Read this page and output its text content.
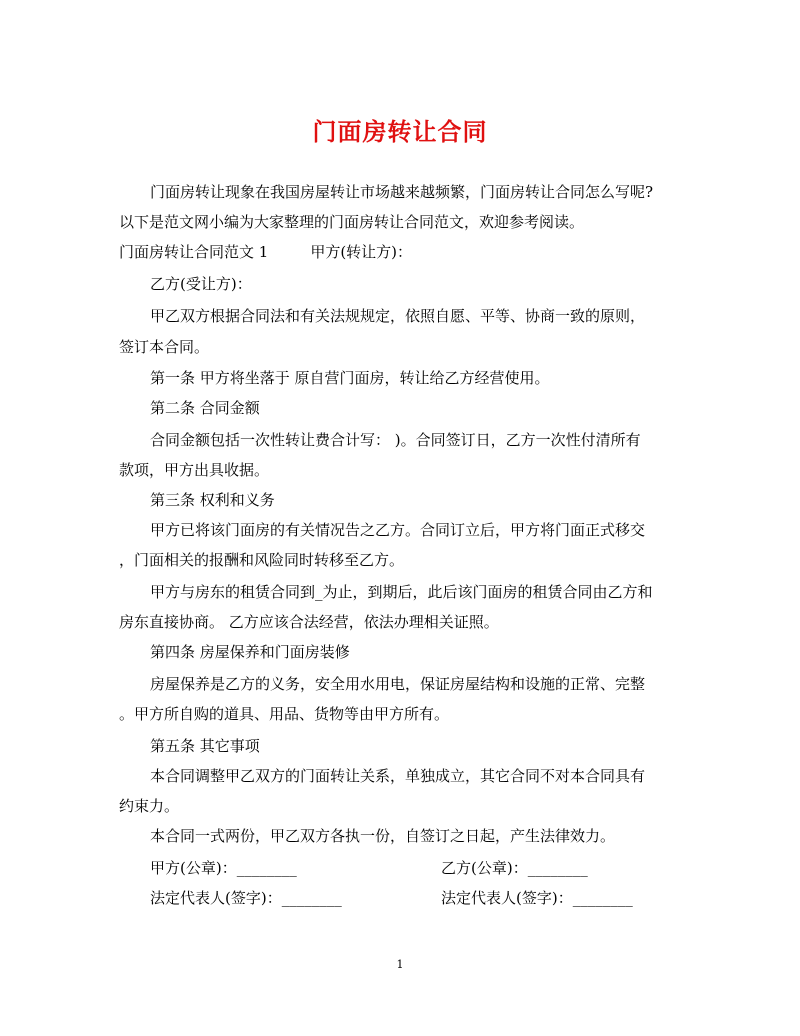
门面房转让合同
门面房转让现象在我国房屋转让市场越来越频繁，门面房转让合同怎么写呢?
以下是范文网小编为大家整理的门面房转让合同范文，欢迎参考阅读。
门面房转让合同范文 1	甲方(转让方)：
乙方(受让方)：
甲乙双方根据合同法和有关法规规定，依照自愿、平等、协商一致的原则，
签订本合同。
第一条 甲方将坐落于 原自营门面房，转让给乙方经营使用。
第二条 合同金额
合同金额包括一次性转让费合计写： )。合同签订日，乙方一次性付清所有
款项，甲方出具收据。
第三条 权利和义务
甲方已将该门面房的有关情况告之乙方。合同订立后，甲方将门面正式移交
，门面相关的报酬和风险同时转移至乙方。
甲方与房东的租赁合同到_为止，到期后，此后该门面房的租赁合同由乙方和
房东直接协商。 乙方应该合法经营，依法办理相关证照。
第四条 房屋保养和门面房装修
房屋保养是乙方的义务，安全用水用电，保证房屋结构和设施的正常、完整
。甲方所自购的道具、用品、货物等由甲方所有。
第五条 其它事项
本合同调整甲乙双方的门面转让关系，单独成立，其它合同不对本合同具有
约束力。
本合同一式两份，甲乙双方各执一份，自签订之日起，产生法律效力。
甲方(公章)：________	乙方(公章)：________
法定代表人(签字)：________	法定代表人(签字)：________
1
